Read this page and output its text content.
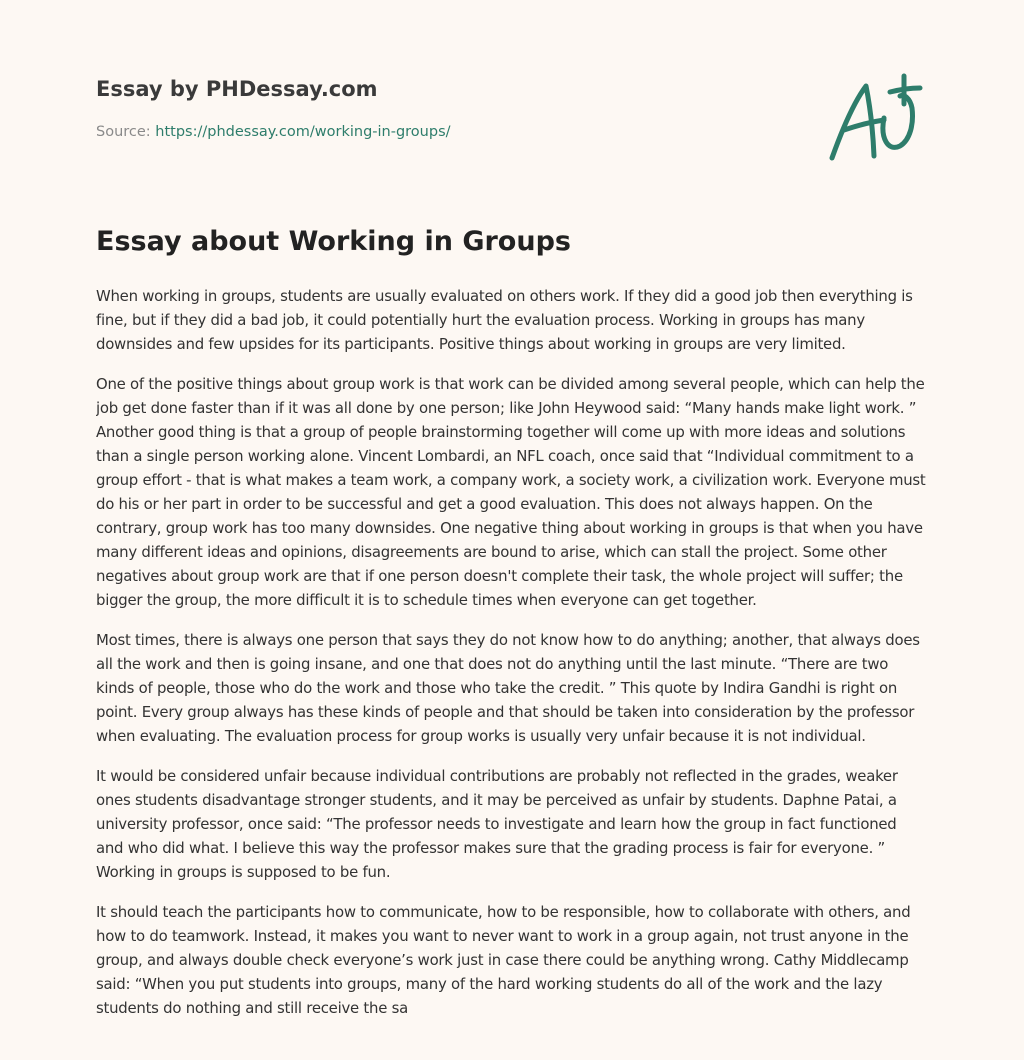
Essay by PHDessay.com
Source: https://phdessay.com/working-in-groups/
Essay about Working in Groups

When working in groups, students are usually evaluated on others work. If they did a good job then everything is fine, but if they did a bad job, it could potentially hurt the evaluation process. Working in groups has many downsides and few upsides for its participants. Positive things about working in groups are very limited.

One of the positive things about group work is that work can be divided among several people, which can help the job get done faster than if it was all done by one person; like John Heywood said: “Many hands make light work. ” Another good thing is that a group of people brainstorming together will come up with more ideas and solutions than a single person working alone. Vincent Lombardi, an NFL coach, once said that “Individual commitment to a group effort - that is what makes a team work, a company work, a society work, a civilization work. Everyone must do his or her part in order to be successful and get a good evaluation. This does not always happen. On the contrary, group work has too many downsides. One negative thing about working in groups is that when you have many different ideas and opinions, disagreements are bound to arise, which can stall the project. Some other negatives about group work are that if one person doesn't complete their task, the whole project will suffer; the bigger the group, the more difficult it is to schedule times when everyone can get together.

Most times, there is always one person that says they do not know how to do anything; another, that always does all the work and then is going insane, and one that does not do anything until the last minute. “There are two kinds of people, those who do the work and those who take the credit. ” This quote by Indira Gandhi is right on point. Every group always has these kinds of people and that should be taken into consideration by the professor when evaluating. The evaluation process for group works is usually very unfair because it is not individual.

It would be considered unfair because individual contributions are probably not reflected in the grades, weaker ones students disadvantage stronger students, and it may be perceived as unfair by students. Daphne Patai, a university professor, once said: “The professor needs to investigate and learn how the group in fact functioned and who did what. I believe this way the professor makes sure that the grading process is fair for everyone. ” Working in groups is supposed to be fun.

It should teach the participants how to communicate, how to be responsible, how to collaborate with others, and how to do teamwork. Instead, it makes you want to never want to work in a group again, not trust anyone in the group, and always double check everyone’s work just in case there could be anything wrong. Cathy Middlecamp said: “When you put students into groups, many of the hard working students do all of the work and the lazy students do nothing and still receive the sa
